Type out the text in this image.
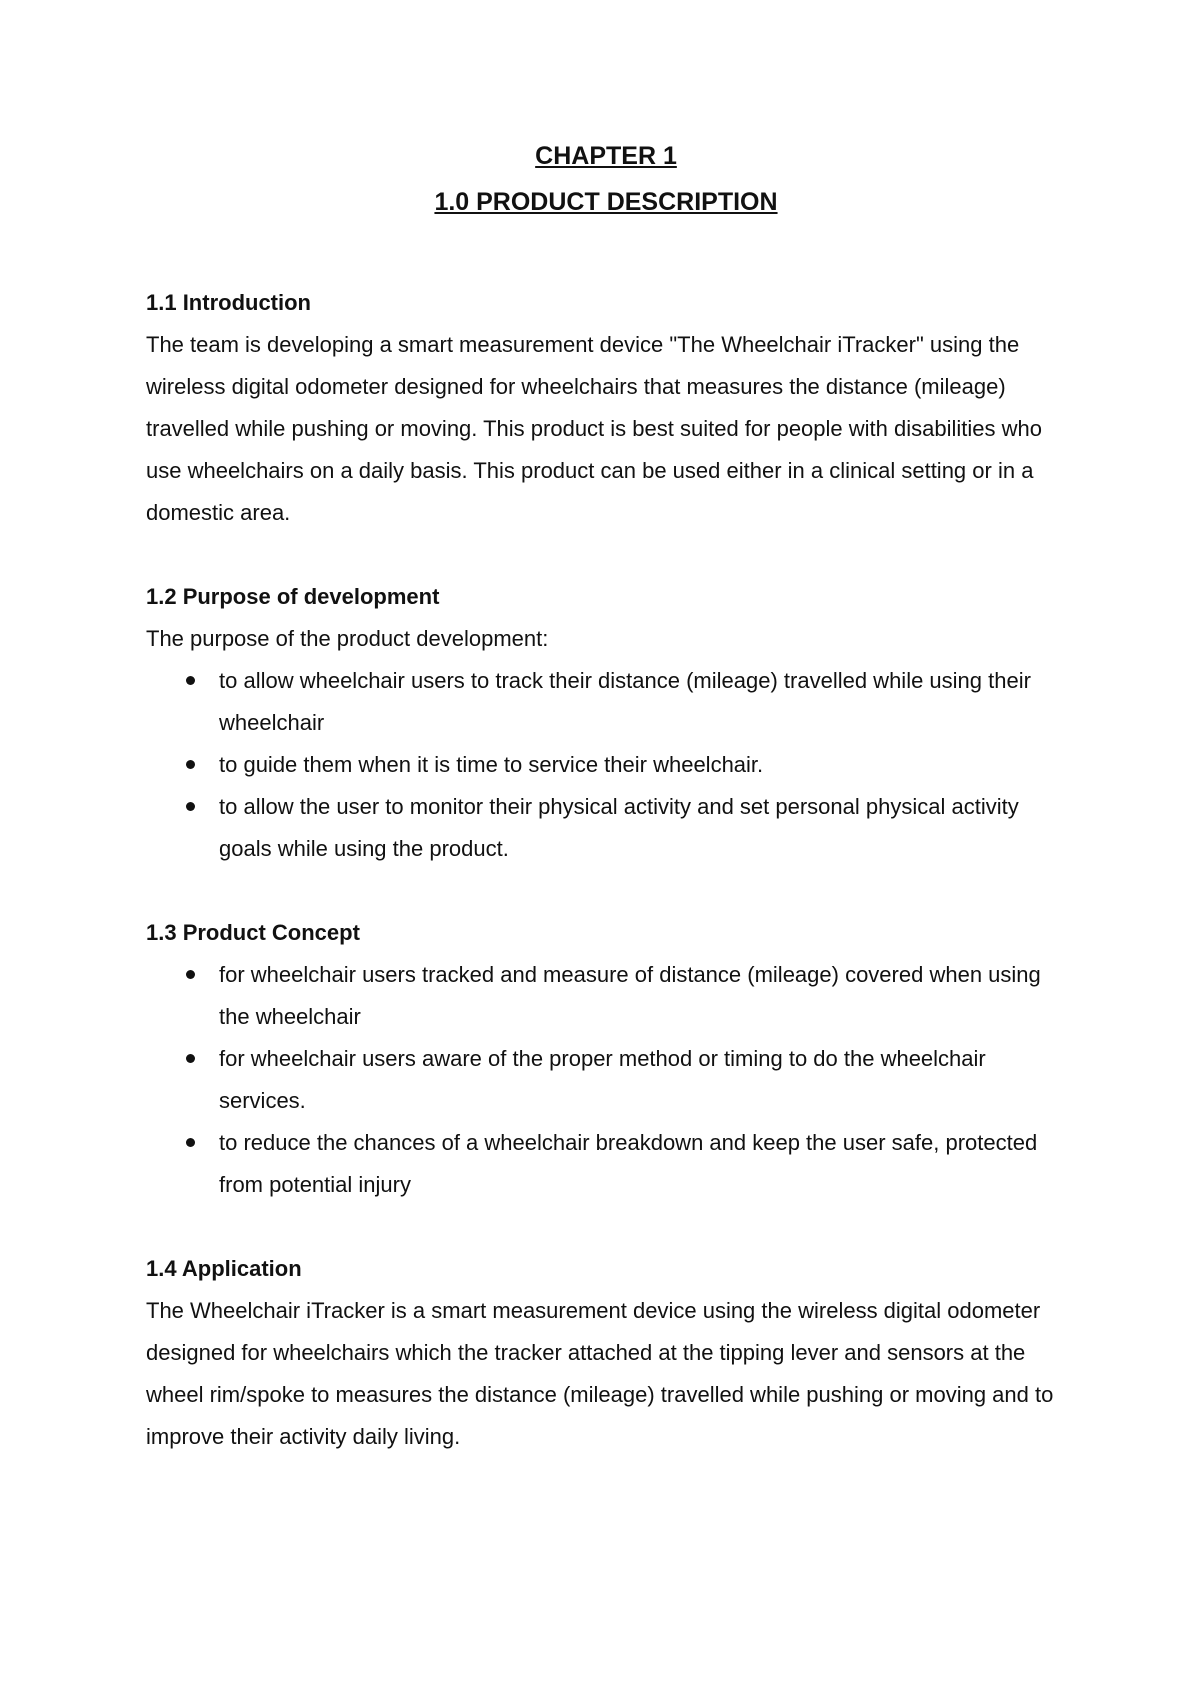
CHAPTER 1
1.0 PRODUCT DESCRIPTION

1.1 Introduction

The team is developing a smart measurement device "The Wheelchair iTracker" using the wireless digital odometer designed for wheelchairs that measures the distance (mileage) travelled while pushing or moving. This product is best suited for people with disabilities who use wheelchairs on a daily basis. This product can be used either in a clinical setting or in a domestic area.

1.2 Purpose of development

The purpose of the product development:

to allow wheelchair users to track their distance (mileage) travelled while using their wheelchair
to guide them when it is time to service their wheelchair.
to allow the user to monitor their physical activity and set personal physical activity goals while using the product.

1.3 Product Concept

for wheelchair users tracked and measure of distance (mileage) covered when using the wheelchair
for wheelchair users aware of the proper method or timing to do the wheelchair services.
to reduce the chances of a wheelchair breakdown and keep the user safe, protected from potential injury

1.4 Application

The Wheelchair iTracker is a smart measurement device using the wireless digital odometer designed for wheelchairs which the tracker attached at the tipping lever and sensors at the wheel rim/spoke to measures the distance (mileage) travelled while pushing or moving and to improve their activity daily living.
